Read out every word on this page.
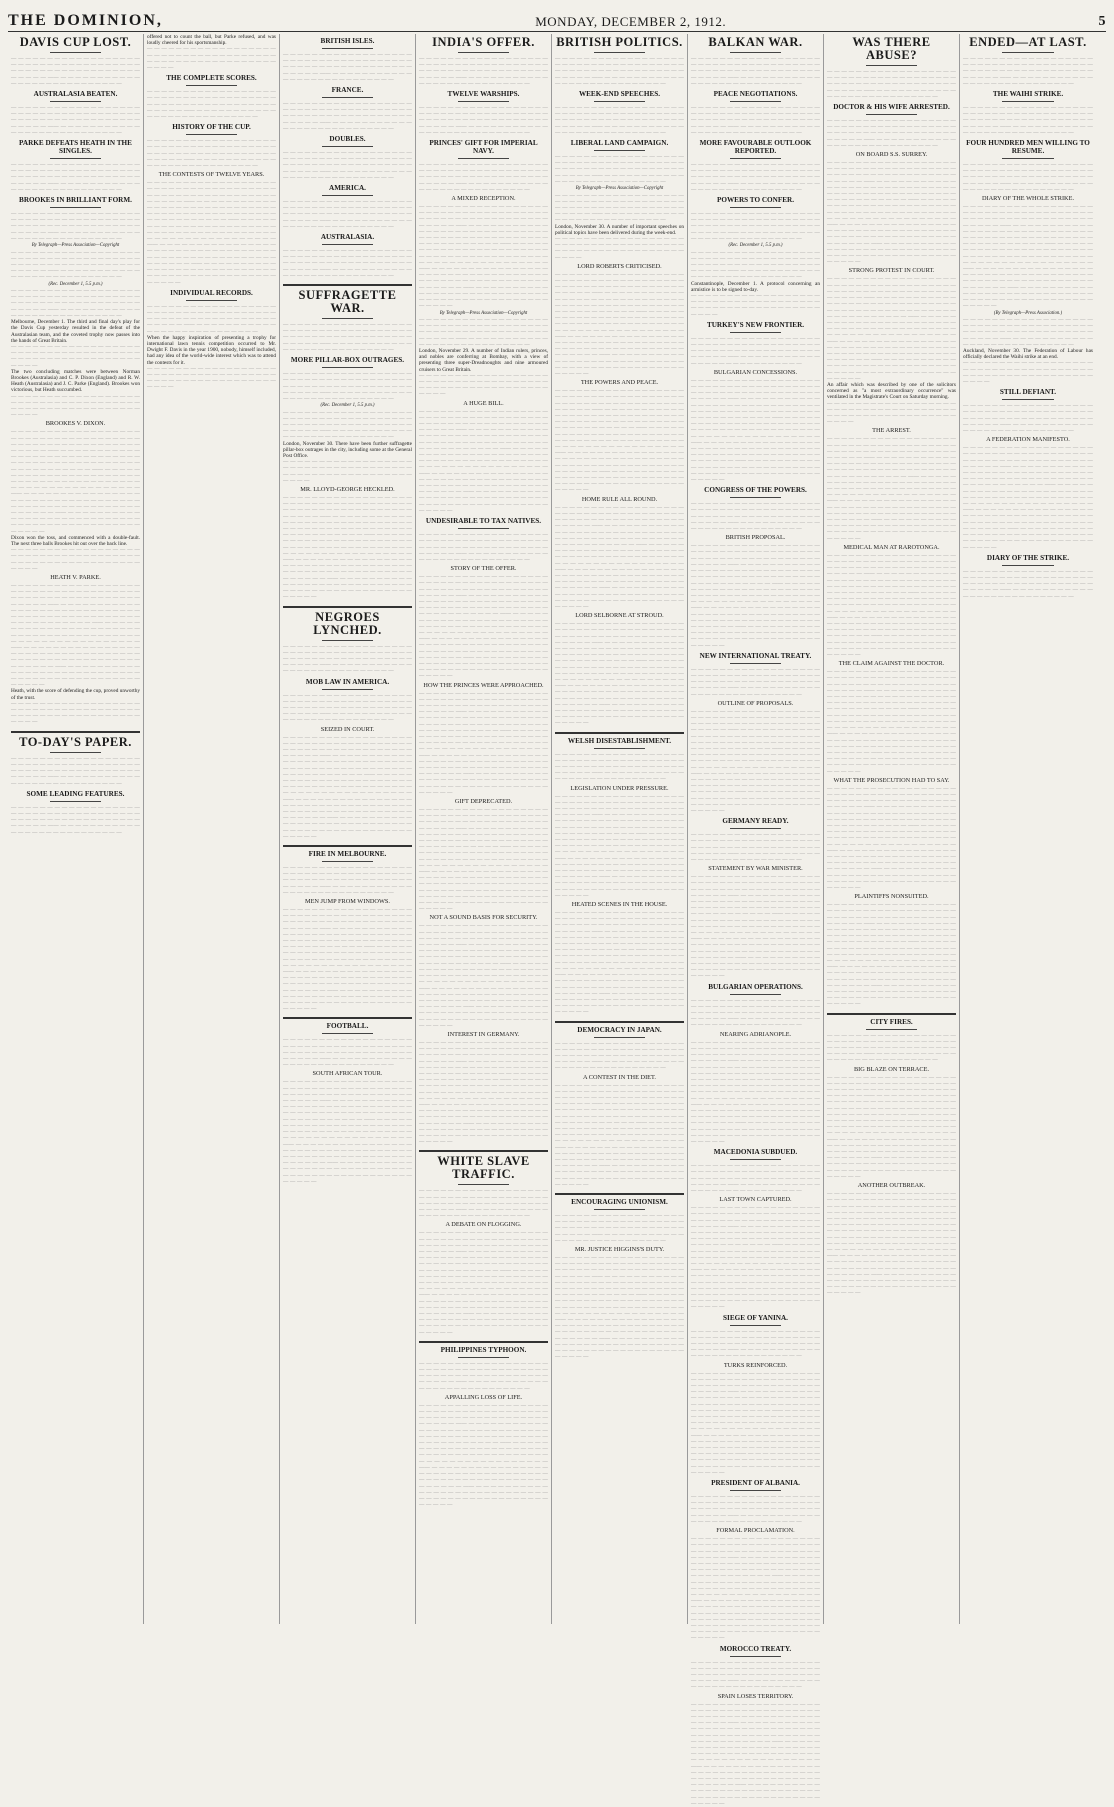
THE DOMINION,	MONDAY, DECEMBER 2, 1912.	5
DAVIS CUP LOST.
— — — — — — — — — — — — — — — — — — — — — — — — — — — — — — — — — — — — — — — — — — — — — — — — — — — — — — — — — — — —— — — — — — — — — — — — — — — — — — — — — — — — — — — —
AUSTRALASIA BEATEN.
— — — — — — — — — — — — — — — — — — — — — — — — — — — — — — — — — — — — — — — — — — — — — — — — — — — — — — — — — — — —— — — — — — — — — — — — — — — — — — — — — — — — — — — —
PARKE DEFEATS HEATH IN THE SINGLES.
— — — — — — — — — — — — — — — — — — — — — — — — — — — — — — — — — — — — — — — — — — — — — — — — — — — — — — — — — — — —— — — — — — — — — — — — — — — — — — — — — — — — — — — —
BROOKES IN BRILLIANT FORM.
— — — — — — — — — — — — — — — — — — — — — — — — — — — — — — — — — — — — — — — — — — — — — — — — — — — — — — — — — — — —— — — — — — — — — — — — — — — — — — — — — — — — — — — —
By Telegraph—Press Association—Copyright
— — — — — — — — — — — — — — — — — — — — — — — — — — — — — — — — — — — — — — — — — — — — — — — — — — — — — — — — — — — —— — — — — — — — — — — — — — — — — — — — — — — — — — — —
(Rec. December 1, 5.5 p.m.)
— — — — — — — — — — — — — — — — — — — — — — — — — — — — — — — — — — — — — — — — — — — — — — — — — — — — — — — — — — — —— — — — — — — — — — — — — — — — — — — — — — — — — — — —
Melbourne, December 1. The third and final day's play for the Davis Cup yesterday resulted in the defeat of the Australasian team, and the coveted trophy now passes into the hands of Great Britain.
— — — — — — — — — — — — — — — — — — — — — — — — — — — — — — — — — — — — — — — — — — — — — — — — — — — — — — — — — —
The two concluding matches were between Norman Brookes (Australasia) and C. P. Dixon (England) and R. W. Heath (Australasia) and J. C. Parke (England). Brookes won victorious, but Heath succumbed.
— — — — — — — — — — — — — — — — — — — — — — — — — — — — — — — — — — — — — — — — — — — — — — — — — — — — — — — — — —
BROOKES V. DIXON.
— — — — — — — — — — — — — — — — — — — — — — — — — — — — — — — — — — — — — — — — — — — — — — — — — — — — — — — — — — — —— — — — — — — — — — — — — — — — — — — — — — — — — — — — — — — — — — — — — — — — — — — — — — — — — — — — — — — — — — — —— — — — — — — — — — — — — — — — — — — — — — — — — — — — — — — — — — — — — — — — — — — — — — — — — — — — — — — — — — — —— — — — — — — — — — — — — — — — — — — — — — — — — — — — — — — — — — — — — — — — — — — — — — — — — — — — — — — — — — — —— — — — — — — — — — — — — — — — — — — — — — — — — — — — — — — — — — — — — — — — — — — — — — — — — — — —
Dixon won the toss, and commenced with a double-fault. The next three balls Brookes hit out over the back line.
— — — — — — — — — — — — — — — — — — — — — — — — — — — — — — — — — — — — — — — — — — — — — — — — — — — — — — — — — —
HEATH V. PARKE.
— — — — — — — — — — — — — — — — — — — — — — — — — — — — — — — — — — — — — — — — — — — — — — — — — — — — — — — — — — — —— — — — — — — — — — — — — — — — — — — — — — — — — — — — — — — — — — — — — — — — — — — — — — — — — — — — — — — — — — — —— — — — — — — — — — — — — — — — — — — — — — — — — — — — — — — — — — — — — — — — — — — — — — — — — — — — — — — — — — — —— — — — — — — — — — — — — — — — — — — — — — — — — — — — — — — — — — — — — — — — — — — — — — — — — — — — — — — — — — — —— — — — — — — — — — — — — — — — — — — — — — — — — — — — — — — — — — — — — — — — — — — — — — — — — — — —
Heath, with the score of defending the cup, proved unworthy of the trust.
— — — — — — — — — — — — — — — — — — — — — — — — — — — — — — — — — — — — — — — — — — — — — — — — — — — — — — — — — —
TO-DAY'S PAPER.
— — — — — — — — — — — — — — — — — — — — — — — — — — — — — — — — — — — — — — — — — — — — — — — — — — — — — — — — — — — —— — — — — — — — — — — — — — — — — — — — — — — — — — — —
SOME LEADING FEATURES.
— — — — — — — — — — — — — — — — — — — — — — — — — — — — — — — — — — — — — — — — — — — — — — — — — — — — — — — — — — — —— — — — — — — — — — — — — — — — — — — — — — — — — — — —
offered not to count the ball, but Parke refused, and was loudly cheered for his sportsmanship.
— — — — — — — — — — — — — — — — — — — — — — — — — — — — — — — — — — — — — — — — — — — — — — — — — — — — — — — — — —
THE COMPLETE SCORES.
— — — — — — — — — — — — — — — — — — — — — — — — — — — — — — — — — — — — — — — — — — — — — — — — — — — — — — — — — — — —— — — — — — — — — — — — — — — — — — — — — — — — — — — —
HISTORY OF THE CUP.
— — — — — — — — — — — — — — — — — — — — — — — — — — — — — — — — — — — — — — — — — — — — — — — — — — — — — — — — — — — —— — — — — — — — — — — — — — — — — — — — — — — — — — — —
THE CONTESTS OF TWELVE YEARS.
— — — — — — — — — — — — — — — — — — — — — — — — — — — — — — — — — — — — — — — — — — — — — — — — — — — — — — — — — — — —— — — — — — — — — — — — — — — — — — — — — — — — — — — — — — — — — — — — — — — — — — — — — — — — — — — — — — — — — — — —— — — — — — — — — — — — — — — — — — — — — — — — — — — — — — — — — — — — — — — — — — — — — — — — — — — — — — — — — — — —— — — — — — — — — — — — — — — — — — — — — — — — — — — — — — — — — — — — — — — — — — — — — — — — — — — — — — — — — — — —— — — — — — — — — — — — — — — — — — — — — — — — — — — — — — — — — — — — — — — — — — — — — — — — — — — —
INDIVIDUAL RECORDS.
— — — — — — — — — — — — — — — — — — — — — — — — — — — — — — — — — — — — — — — — — — — — — — — — — — — — — — — — — — — —— — — — — — — — — — — — — — — — — — — — — — — — — — — —
When the happy inspiration of presenting a trophy for international lawn tennis competition occurred to Mr. Dwight F. Davis in the year 1900, nobody, himself included, had any idea of the world-wide interest which was to attend the contests for it.
— — — — — — — — — — — — — — — — — — — — — — — — — — — — — — — — — — — — — — — — — — — — — — — — — — — — — — — — — —
BRITISH ISLES.
— — — — — — — — — — — — — — — — — — — — — — — — — — — — — — — — — — — — — — — — — — — — — — — — — — — — — — — — — — — —— — — — — — — — — — — — — — — — — — — — — — — — — — — —
FRANCE.
— — — — — — — — — — — — — — — — — — — — — — — — — — — — — — — — — — — — — — — — — — — — — — — — — — — — — — — — — — — —— — — — — — — — — — — — — — — — — — — — — — — — — — — —
DOUBLES.
— — — — — — — — — — — — — — — — — — — — — — — — — — — — — — — — — — — — — — — — — — — — — — — — — — — — — — — — — — — —— — — — — — — — — — — — — — — — — — — — — — — — — — — —
AMERICA.
— — — — — — — — — — — — — — — — — — — — — — — — — — — — — — — — — — — — — — — — — — — — — — — — — — — — — — — — — — — —— — — — — — — — — — — — — — — — — — — — — — — — — — — —
AUSTRALASIA.
— — — — — — — — — — — — — — — — — — — — — — — — — — — — — — — — — — — — — — — — — — — — — — — — — — — — — — — — — — — —— — — — — — — — — — — — — — — — — — — — — — — — — — — —
SUFFRAGETTE WAR.
— — — — — — — — — — — — — — — — — — — — — — — — — — — — — — — — — — — — — — — — — — — — — — — — — — — — — — — — — — — —— — — — — — — — — — — — — — — — — — — — — — — — — — — —
MORE PILLAR-BOX OUTRAGES.
— — — — — — — — — — — — — — — — — — — — — — — — — — — — — — — — — — — — — — — — — — — — — — — — — — — — — — — — — — — —— — — — — — — — — — — — — — — — — — — — — — — — — — — —
(Rec. December 1, 5.5 p.m.)
— — — — — — — — — — — — — — — — — — — — — — — — — — — — — — — — — — — — — — — — — — — — — — — — — — — — — — — — — — — —— — — — — — — — — — — — — — — — — — — — — — — — — — — —
London, November 30. There have been further suffragette pillar-box outrages in the city, including some at the General Post Office.
— — — — — — — — — — — — — — — — — — — — — — — — — — — — — — — — — — — — — — — — — — — — — — — — — — — — — — — — — —
MR. LLOYD-GEORGE HECKLED.
— — — — — — — — — — — — — — — — — — — — — — — — — — — — — — — — — — — — — — — — — — — — — — — — — — — — — — — — — — — —— — — — — — — — — — — — — — — — — — — — — — — — — — — — — — — — — — — — — — — — — — — — — — — — — — — — — — — — — — — —— — — — — — — — — — — — — — — — — — — — — — — — — — — — — — — — — — — — — — — — — — — — — — — — — — — — — — — — — — — —— — — — — — — — — — — — — — — — — — — — — — — — — — — — — — — — — — — — — — — — — — — — — — — — — — — — — — — — — — — —— — — — — — — — — — — — — — — — — — — — — — — — — — — — — — — — — — — — — — — — — — — — — — — — — — — —
NEGROES LYNCHED.
— — — — — — — — — — — — — — — — — — — — — — — — — — — — — — — — — — — — — — — — — — — — — — — — — — — — — — — — — — — —— — — — — — — — — — — — — — — — — — — — — — — — — — — —
MOB LAW IN AMERICA.
— — — — — — — — — — — — — — — — — — — — — — — — — — — — — — — — — — — — — — — — — — — — — — — — — — — — — — — — — — — —— — — — — — — — — — — — — — — — — — — — — — — — — — — —
SEIZED IN COURT.
— — — — — — — — — — — — — — — — — — — — — — — — — — — — — — — — — — — — — — — — — — — — — — — — — — — — — — — — — — — —— — — — — — — — — — — — — — — — — — — — — — — — — — — — — — — — — — — — — — — — — — — — — — — — — — — — — — — — — — — —— — — — — — — — — — — — — — — — — — — — — — — — — — — — — — — — — — — — — — — — — — — — — — — — — — — — — — — — — — — —— — — — — — — — — — — — — — — — — — — — — — — — — — — — — — — — — — — — — — — — — — — — — — — — — — — — — — — — — — — —— — — — — — — — — — — — — — — — — — — — — — — — — — — — — — — — — — — — — — — — — — — — — — — — — — — —
FIRE IN MELBOURNE.
— — — — — — — — — — — — — — — — — — — — — — — — — — — — — — — — — — — — — — — — — — — — — — — — — — — — — — — — — — — —— — — — — — — — — — — — — — — — — — — — — — — — — — — —
MEN JUMP FROM WINDOWS.
— — — — — — — — — — — — — — — — — — — — — — — — — — — — — — — — — — — — — — — — — — — — — — — — — — — — — — — — — — — —— — — — — — — — — — — — — — — — — — — — — — — — — — — — — — — — — — — — — — — — — — — — — — — — — — — — — — — — — — — —— — — — — — — — — — — — — — — — — — — — — — — — — — — — — — — — — — — — — — — — — — — — — — — — — — — — — — — — — — — —— — — — — — — — — — — — — — — — — — — — — — — — — — — — — — — — — — — — — — — — — — — — — — — — — — — — — — — — — — — —— — — — — — — — — — — — — — — — — — — — — — — — — — — — — — — — — — — — — — — — — — — — — — — — — — — —
FOOTBALL.
— — — — — — — — — — — — — — — — — — — — — — — — — — — — — — — — — — — — — — — — — — — — — — — — — — — — — — — — — — — —— — — — — — — — — — — — — — — — — — — — — — — — — — — —
SOUTH AFRICAN TOUR.
— — — — — — — — — — — — — — — — — — — — — — — — — — — — — — — — — — — — — — — — — — — — — — — — — — — — — — — — — — — —— — — — — — — — — — — — — — — — — — — — — — — — — — — — — — — — — — — — — — — — — — — — — — — — — — — — — — — — — — — —— — — — — — — — — — — — — — — — — — — — — — — — — — — — — — — — — — — — — — — — — — — — — — — — — — — — — — — — — — — —— — — — — — — — — — — — — — — — — — — — — — — — — — — — — — — — — — — — — — — — — — — — — — — — — — — — — — — — — — — —— — — — — — — — — — — — — — — — — — — — — — — — — — — — — — — — — — — — — — — — — — — — — — — — — — — —
INDIA'S OFFER.
— — — — — — — — — — — — — — — — — — — — — — — — — — — — — — — — — — — — — — — — — — — — — — — — — — — — — — — — — — — —— — — — — — — — — — — — — — — — — — — — — — — — — — — —
TWELVE WARSHIPS.
— — — — — — — — — — — — — — — — — — — — — — — — — — — — — — — — — — — — — — — — — — — — — — — — — — — — — — — — — — — —— — — — — — — — — — — — — — — — — — — — — — — — — — — —
PRINCES' GIFT FOR IMPERIAL NAVY.
— — — — — — — — — — — — — — — — — — — — — — — — — — — — — — — — — — — — — — — — — — — — — — — — — — — — — — — — — — — —— — — — — — — — — — — — — — — — — — — — — — — — — — — —
A MIXED RECEPTION.
— — — — — — — — — — — — — — — — — — — — — — — — — — — — — — — — — — — — — — — — — — — — — — — — — — — — — — — — — — — —— — — — — — — — — — — — — — — — — — — — — — — — — — — — — — — — — — — — — — — — — — — — — — — — — — — — — — — — — — — —— — — — — — — — — — — — — — — — — — — — — — — — — — — — — — — — — — — — — — — — — — — — — — — — — — — — — — — — — — — —— — — — — — — — — — — — — — — — — — — — — — — — — — — — — — — — — — — — — — — — — — — — — — — — — — — — — — — — — — — —— — — — — — — — — — — — — — — — — — — — — — — — — — — — — — — — — — — — — — — — — — — — — — — — — — — —
By Telegraph—Press Association—Copyright
— — — — — — — — — — — — — — — — — — — — — — — — — — — — — — — — — — — — — — — — — — — — — — — — — — — — — — — — — — — —— — — — — — — — — — — — — — — — — — — — — — — — — — — —
London, November 29. A number of Indian rulers, princes, and nobles are conferring at Bombay, with a view of presenting three super-Dreadnoughts and nine armoured cruisers to Great Britain.
— — — — — — — — — — — — — — — — — — — — — — — — — — — — — — — — — — — — — — — — — — — — — — — — — — — — — — — — — —
A HUGE BILL.
— — — — — — — — — — — — — — — — — — — — — — — — — — — — — — — — — — — — — — — — — — — — — — — — — — — — — — — — — — — —— — — — — — — — — — — — — — — — — — — — — — — — — — — — — — — — — — — — — — — — — — — — — — — — — — — — — — — — — — — —— — — — — — — — — — — — — — — — — — — — — — — — — — — — — — — — — — — — — — — — — — — — — — — — — — — — — — — — — — — —— — — — — — — — — — — — — — — — — — — — — — — — — — — — — — — — — — — — — — — — — — — — — — — — — — — — — — — — — — — —— — — — — — — — — — — — — — — — — — — — — — — — — — — — — — — — — — — — — — — — — — — — — — — — — — — —
UNDESIRABLE TO TAX NATIVES.
— — — — — — — — — — — — — — — — — — — — — — — — — — — — — — — — — — — — — — — — — — — — — — — — — — — — — — — — — — — —— — — — — — — — — — — — — — — — — — — — — — — — — — — —
STORY OF THE OFFER.
— — — — — — — — — — — — — — — — — — — — — — — — — — — — — — — — — — — — — — — — — — — — — — — — — — — — — — — — — — — —— — — — — — — — — — — — — — — — — — — — — — — — — — — — — — — — — — — — — — — — — — — — — — — — — — — — — — — — — — — —— — — — — — — — — — — — — — — — — — — — — — — — — — — — — — — — — — — — — — — — — — — — — — — — — — — — — — — — — — — —— — — — — — — — — — — — — — — — — — — — — — — — — — — — — — — — — — — — — — — — — — — — — — — — — — — — — — — — — — — —— — — — — — — — — — — — — — — — — — — — — — — — — — — — — — — — — — — — — — — — — — — — — — — — — — — —
HOW THE PRINCES WERE APPROACHED.
— — — — — — — — — — — — — — — — — — — — — — — — — — — — — — — — — — — — — — — — — — — — — — — — — — — — — — — — — — — —— — — — — — — — — — — — — — — — — — — — — — — — — — — — — — — — — — — — — — — — — — — — — — — — — — — — — — — — — — — —— — — — — — — — — — — — — — — — — — — — — — — — — — — — — — — — — — — — — — — — — — — — — — — — — — — — — — — — — — — —— — — — — — — — — — — — — — — — — — — — — — — — — — — — — — — — — — — — — — — — — — — — — — — — — — — — — — — — — — — —— — — — — — — — — — — — — — — — — — — — — — — — — — — — — — — — — — — — — — — — — — — — — — — — — — — —
GIFT DEPRECATED.
— — — — — — — — — — — — — — — — — — — — — — — — — — — — — — — — — — — — — — — — — — — — — — — — — — — — — — — — — — — —— — — — — — — — — — — — — — — — — — — — — — — — — — — — — — — — — — — — — — — — — — — — — — — — — — — — — — — — — — — —— — — — — — — — — — — — — — — — — — — — — — — — — — — — — — — — — — — — — — — — — — — — — — — — — — — — — — — — — — — —— — — — — — — — — — — — — — — — — — — — — — — — — — — — — — — — — — — — — — — — — — — — — — — — — — — — — — — — — — — —— — — — — — — — — — — — — — — — — — — — — — — — — — — — — — — — — — — — — — — — — — — — — — — — — — — —
NOT A SOUND BASIS FOR SECURITY.
— — — — — — — — — — — — — — — — — — — — — — — — — — — — — — — — — — — — — — — — — — — — — — — — — — — — — — — — — — — —— — — — — — — — — — — — — — — — — — — — — — — — — — — — — — — — — — — — — — — — — — — — — — — — — — — — — — — — — — — —— — — — — — — — — — — — — — — — — — — — — — — — — — — — — — — — — — — — — — — — — — — — — — — — — — — — — — — — — — — —— — — — — — — — — — — — — — — — — — — — — — — — — — — — — — — — — — — — — — — — — — — — — — — — — — — — — — — — — — — —— — — — — — — — — — — — — — — — — — — — — — — — — — — — — — — — — — — — — — — — — — — — — — — — — — — —
INTEREST IN GERMANY.
— — — — — — — — — — — — — — — — — — — — — — — — — — — — — — — — — — — — — — — — — — — — — — — — — — — — — — — — — — — —— — — — — — — — — — — — — — — — — — — — — — — — — — — — — — — — — — — — — — — — — — — — — — — — — — — — — — — — — — — —— — — — — — — — — — — — — — — — — — — — — — — — — — — — — — — — — — — — — — — — — — — — — — — — — — — — — — — — — — — —— — — — — — — — — — — — — — — — — — — — — — — — — — — — — — — — — — — — — — — — — — — — — — — — — — — — — — — — — — — —— — — — — — — — — — — — — — — — — — — — — — — — — — — — — — — — — — — — — — — — — — — — — — — — — — — —
WHITE SLAVE TRAFFIC.
— — — — — — — — — — — — — — — — — — — — — — — — — — — — — — — — — — — — — — — — — — — — — — — — — — — — — — — — — — — —— — — — — — — — — — — — — — — — — — — — — — — — — — — —
A DEBATE ON FLOGGING.
— — — — — — — — — — — — — — — — — — — — — — — — — — — — — — — — — — — — — — — — — — — — — — — — — — — — — — — — — — — —— — — — — — — — — — — — — — — — — — — — — — — — — — — — — — — — — — — — — — — — — — — — — — — — — — — — — — — — — — — —— — — — — — — — — — — — — — — — — — — — — — — — — — — — — — — — — — — — — — — — — — — — — — — — — — — — — — — — — — — —— — — — — — — — — — — — — — — — — — — — — — — — — — — — — — — — — — — — — — — — — — — — — — — — — — — — — — — — — — — —— — — — — — — — — — — — — — — — — — — — — — — — — — — — — — — — — — — — — — — — — — — — — — — — — — — —
PHILIPPINES TYPHOON.
— — — — — — — — — — — — — — — — — — — — — — — — — — — — — — — — — — — — — — — — — — — — — — — — — — — — — — — — — — — —— — — — — — — — — — — — — — — — — — — — — — — — — — — —
APPALLING LOSS OF LIFE.
— — — — — — — — — — — — — — — — — — — — — — — — — — — — — — — — — — — — — — — — — — — — — — — — — — — — — — — — — — — —— — — — — — — — — — — — — — — — — — — — — — — — — — — — — — — — — — — — — — — — — — — — — — — — — — — — — — — — — — — —— — — — — — — — — — — — — — — — — — — — — — — — — — — — — — — — — — — — — — — — — — — — — — — — — — — — — — — — — — — —— — — — — — — — — — — — — — — — — — — — — — — — — — — — — — — — — — — — — — — — — — — — — — — — — — — — — — — — — — — —— — — — — — — — — — — — — — — — — — — — — — — — — — — — — — — — — — — — — — — — — — — — — — — — — — — —
BRITISH POLITICS.
— — — — — — — — — — — — — — — — — — — — — — — — — — — — — — — — — — — — — — — — — — — — — — — — — — — — — — — — — — — —— — — — — — — — — — — — — — — — — — — — — — — — — — — —
WEEK-END SPEECHES.
— — — — — — — — — — — — — — — — — — — — — — — — — — — — — — — — — — — — — — — — — — — — — — — — — — — — — — — — — — — —— — — — — — — — — — — — — — — — — — — — — — — — — — — —
LIBERAL LAND CAMPAIGN.
— — — — — — — — — — — — — — — — — — — — — — — — — — — — — — — — — — — — — — — — — — — — — — — — — — — — — — — — — — — —— — — — — — — — — — — — — — — — — — — — — — — — — — — —
By Telegraph—Press Association—Copyright
— — — — — — — — — — — — — — — — — — — — — — — — — — — — — — — — — — — — — — — — — — — — — — — — — — — — — — — — — — — —— — — — — — — — — — — — — — — — — — — — — — — — — — — —
London, November 30. A number of important speeches on political topics have been delivered during the week-end.
— — — — — — — — — — — — — — — — — — — — — — — — — — — — — — — — — — — — — — — — — — — — — — — — — — — — — — — — — —
LORD ROBERTS CRITICISED.
— — — — — — — — — — — — — — — — — — — — — — — — — — — — — — — — — — — — — — — — — — — — — — — — — — — — — — — — — — — —— — — — — — — — — — — — — — — — — — — — — — — — — — — — — — — — — — — — — — — — — — — — — — — — — — — — — — — — — — — —— — — — — — — — — — — — — — — — — — — — — — — — — — — — — — — — — — — — — — — — — — — — — — — — — — — — — — — — — — — —— — — — — — — — — — — — — — — — — — — — — — — — — — — — — — — — — — — — — — — — — — — — — — — — — — — — — — — — — — — —— — — — — — — — — — — — — — — — — — — — — — — — — — — — — — — — — — — — — — — — — — — — — — — — — — — —
THE POWERS AND PEACE.
— — — — — — — — — — — — — — — — — — — — — — — — — — — — — — — — — — — — — — — — — — — — — — — — — — — — — — — — — — — —— — — — — — — — — — — — — — — — — — — — — — — — — — — — — — — — — — — — — — — — — — — — — — — — — — — — — — — — — — — —— — — — — — — — — — — — — — — — — — — — — — — — — — — — — — — — — — — — — — — — — — — — — — — — — — — — — — — — — — — —— — — — — — — — — — — — — — — — — — — — — — — — — — — — — — — — — — — — — — — — — — — — — — — — — — — — — — — — — — — —— — — — — — — — — — — — — — — — — — — — — — — — — — — — — — — — — — — — — — — — — — — — — — — — — — — —
HOME RULE ALL ROUND.
— — — — — — — — — — — — — — — — — — — — — — — — — — — — — — — — — — — — — — — — — — — — — — — — — — — — — — — — — — — —— — — — — — — — — — — — — — — — — — — — — — — — — — — — — — — — — — — — — — — — — — — — — — — — — — — — — — — — — — — —— — — — — — — — — — — — — — — — — — — — — — — — — — — — — — — — — — — — — — — — — — — — — — — — — — — — — — — — — — — —— — — — — — — — — — — — — — — — — — — — — — — — — — — — — — — — — — — — — — — — — — — — — — — — — — — — — — — — — — — —— — — — — — — — — — — — — — — — — — — — — — — — — — — — — — — — — — — — — — — — — — — — — — — — — — — —
LORD SELBORNE AT STROUD.
— — — — — — — — — — — — — — — — — — — — — — — — — — — — — — — — — — — — — — — — — — — — — — — — — — — — — — — — — — — —— — — — — — — — — — — — — — — — — — — — — — — — — — — — — — — — — — — — — — — — — — — — — — — — — — — — — — — — — — — —— — — — — — — — — — — — — — — — — — — — — — — — — — — — — — — — — — — — — — — — — — — — — — — — — — — — — — — — — — — —— — — — — — — — — — — — — — — — — — — — — — — — — — — — — — — — — — — — — — — — — — — — — — — — — — — — — — — — — — — —— — — — — — — — — — — — — — — — — — — — — — — — — — — — — — — — — — — — — — — — — — — — — — — — — — — —
WELSH DISESTABLISHMENT.
— — — — — — — — — — — — — — — — — — — — — — — — — — — — — — — — — — — — — — — — — — — — — — — — — — — — — — — — — — — —— — — — — — — — — — — — — — — — — — — — — — — — — — — —
LEGISLATION UNDER PRESSURE.
— — — — — — — — — — — — — — — — — — — — — — — — — — — — — — — — — — — — — — — — — — — — — — — — — — — — — — — — — — — —— — — — — — — — — — — — — — — — — — — — — — — — — — — — — — — — — — — — — — — — — — — — — — — — — — — — — — — — — — — —— — — — — — — — — — — — — — — — — — — — — — — — — — — — — — — — — — — — — — — — — — — — — — — — — — — — — — — — — — — —— — — — — — — — — — — — — — — — — — — — — — — — — — — — — — — — — — — — — — — — — — — — — — — — — — — — — — — — — — — —— — — — — — — — — — — — — — — — — — — — — — — — — — — — — — — — — — — — — — — — — — — — — — — — — — — —
HEATED SCENES IN THE HOUSE.
— — — — — — — — — — — — — — — — — — — — — — — — — — — — — — — — — — — — — — — — — — — — — — — — — — — — — — — — — — — —— — — — — — — — — — — — — — — — — — — — — — — — — — — — — — — — — — — — — — — — — — — — — — — — — — — — — — — — — — — —— — — — — — — — — — — — — — — — — — — — — — — — — — — — — — — — — — — — — — — — — — — — — — — — — — — — — — — — — — — —— — — — — — — — — — — — — — — — — — — — — — — — — — — — — — — — — — — — — — — — — — — — — — — — — — — — — — — — — — — —— — — — — — — — — — — — — — — — — — — — — — — — — — — — — — — — — — — — — — — — — — — — — — — — — — — —
DEMOCRACY IN JAPAN.
— — — — — — — — — — — — — — — — — — — — — — — — — — — — — — — — — — — — — — — — — — — — — — — — — — — — — — — — — — — —— — — — — — — — — — — — — — — — — — — — — — — — — — — —
A CONTEST IN THE DIET.
— — — — — — — — — — — — — — — — — — — — — — — — — — — — — — — — — — — — — — — — — — — — — — — — — — — — — — — — — — — —— — — — — — — — — — — — — — — — — — — — — — — — — — — — — — — — — — — — — — — — — — — — — — — — — — — — — — — — — — — —— — — — — — — — — — — — — — — — — — — — — — — — — — — — — — — — — — — — — — — — — — — — — — — — — — — — — — — — — — — —— — — — — — — — — — — — — — — — — — — — — — — — — — — — — — — — — — — — — — — — — — — — — — — — — — — — — — — — — — — —— — — — — — — — — — — — — — — — — — — — — — — — — — — — — — — — — — — — — — — — — — — — — — — — — — — —
ENCOURAGING UNIONISM.
— — — — — — — — — — — — — — — — — — — — — — — — — — — — — — — — — — — — — — — — — — — — — — — — — — — — — — — — — — — —— — — — — — — — — — — — — — — — — — — — — — — — — — — —
MR. JUSTICE HIGGINS'S DUTY.
— — — — — — — — — — — — — — — — — — — — — — — — — — — — — — — — — — — — — — — — — — — — — — — — — — — — — — — — — — — —— — — — — — — — — — — — — — — — — — — — — — — — — — — — — — — — — — — — — — — — — — — — — — — — — — — — — — — — — — — —— — — — — — — — — — — — — — — — — — — — — — — — — — — — — — — — — — — — — — — — — — — — — — — — — — — — — — — — — — — —— — — — — — — — — — — — — — — — — — — — — — — — — — — — — — — — — — — — — — — — — — — — — — — — — — — — — — — — — — — —— — — — — — — — — — — — — — — — — — — — — — — — — — — — — — — — — — — — — — — — — — — — — — — — — — — —
BALKAN WAR.
— — — — — — — — — — — — — — — — — — — — — — — — — — — — — — — — — — — — — — — — — — — — — — — — — — — — — — — — — — — —— — — — — — — — — — — — — — — — — — — — — — — — — — — —
PEACE NEGOTIATIONS.
— — — — — — — — — — — — — — — — — — — — — — — — — — — — — — — — — — — — — — — — — — — — — — — — — — — — — — — — — — — —— — — — — — — — — — — — — — — — — — — — — — — — — — — —
MORE FAVOURABLE OUTLOOK REPORTED.
— — — — — — — — — — — — — — — — — — — — — — — — — — — — — — — — — — — — — — — — — — — — — — — — — — — — — — — — — — — —— — — — — — — — — — — — — — — — — — — — — — — — — — — —
POWERS TO CONFER.
— — — — — — — — — — — — — — — — — — — — — — — — — — — — — — — — — — — — — — — — — — — — — — — — — — — — — — — — — — — —— — — — — — — — — — — — — — — — — — — — — — — — — — — —
(Rec. December 1, 5.5 p.m.)
— — — — — — — — — — — — — — — — — — — — — — — — — — — — — — — — — — — — — — — — — — — — — — — — — — — — — — — — — — — —— — — — — — — — — — — — — — — — — — — — — — — — — — — —
Constantinople, December 1. A protocol concerning an armistice is to be signed to-day.
— — — — — — — — — — — — — — — — — — — — — — — — — — — — — — — — — — — — — — — — — — — — — — — — — — — — — — — — — —
TURKEY'S NEW FRONTIER.
— — — — — — — — — — — — — — — — — — — — — — — — — — — — — — — — — — — — — — — — — — — — — — — — — — — — — — — — — — — —— — — — — — — — — — — — — — — — — — — — — — — — — — — —
BULGARIAN CONCESSIONS.
— — — — — — — — — — — — — — — — — — — — — — — — — — — — — — — — — — — — — — — — — — — — — — — — — — — — — — — — — — — —— — — — — — — — — — — — — — — — — — — — — — — — — — — — — — — — — — — — — — — — — — — — — — — — — — — — — — — — — — — —— — — — — — — — — — — — — — — — — — — — — — — — — — — — — — — — — — — — — — — — — — — — — — — — — — — — — — — — — — — —— — — — — — — — — — — — — — — — — — — — — — — — — — — — — — — — — — — — — — — — — — — — — — — — — — — — — — — — — — — —— — — — — — — — — — — — — — — — — — — — — — — — — — — — — — — — — — — — — — — — — — — — — — — — — — — —
CONGRESS OF THE POWERS.
— — — — — — — — — — — — — — — — — — — — — — — — — — — — — — — — — — — — — — — — — — — — — — — — — — — — — — — — — — — —— — — — — — — — — — — — — — — — — — — — — — — — — — — —
BRITISH PROPOSAL.
— — — — — — — — — — — — — — — — — — — — — — — — — — — — — — — — — — — — — — — — — — — — — — — — — — — — — — — — — — — —— — — — — — — — — — — — — — — — — — — — — — — — — — — — — — — — — — — — — — — — — — — — — — — — — — — — — — — — — — — —— — — — — — — — — — — — — — — — — — — — — — — — — — — — — — — — — — — — — — — — — — — — — — — — — — — — — — — — — — — —— — — — — — — — — — — — — — — — — — — — — — — — — — — — — — — — — — — — — — — — — — — — — — — — — — — — — — — — — — — —— — — — — — — — — — — — — — — — — — — — — — — — — — — — — — — — — — — — — — — — — — — — — — — — — — — —
NEW INTERNATIONAL TREATY.
— — — — — — — — — — — — — — — — — — — — — — — — — — — — — — — — — — — — — — — — — — — — — — — — — — — — — — — — — — — —— — — — — — — — — — — — — — — — — — — — — — — — — — — —
OUTLINE OF PROPOSALS.
— — — — — — — — — — — — — — — — — — — — — — — — — — — — — — — — — — — — — — — — — — — — — — — — — — — — — — — — — — — —— — — — — — — — — — — — — — — — — — — — — — — — — — — — — — — — — — — — — — — — — — — — — — — — — — — — — — — — — — — —— — — — — — — — — — — — — — — — — — — — — — — — — — — — — — — — — — — — — — — — — — — — — — — — — — — — — — — — — — — —— — — — — — — — — — — — — — — — — — — — — — — — — — — — — — — — — — — — — — — — — — — — — — — — — — — — — — — — — — — —— — — — — — — — — — — — — — — — — — — — — — — — — — — — — — — — — — — — — — — — — — — — — — — — — — — —
GERMANY READY.
— — — — — — — — — — — — — — — — — — — — — — — — — — — — — — — — — — — — — — — — — — — — — — — — — — — — — — — — — — — —— — — — — — — — — — — — — — — — — — — — — — — — — — — —
STATEMENT BY WAR MINISTER.
— — — — — — — — — — — — — — — — — — — — — — — — — — — — — — — — — — — — — — — — — — — — — — — — — — — — — — — — — — — —— — — — — — — — — — — — — — — — — — — — — — — — — — — — — — — — — — — — — — — — — — — — — — — — — — — — — — — — — — — —— — — — — — — — — — — — — — — — — — — — — — — — — — — — — — — — — — — — — — — — — — — — — — — — — — — — — — — — — — — —— — — — — — — — — — — — — — — — — — — — — — — — — — — — — — — — — — — — — — — — — — — — — — — — — — — — — — — — — — — —— — — — — — — — — — — — — — — — — — — — — — — — — — — — — — — — — — — — — — — — — — — — — — — — — — — —
BULGARIAN OPERATIONS.
— — — — — — — — — — — — — — — — — — — — — — — — — — — — — — — — — — — — — — — — — — — — — — — — — — — — — — — — — — — —— — — — — — — — — — — — — — — — — — — — — — — — — — — —
NEARING ADRIANOPLE.
— — — — — — — — — — — — — — — — — — — — — — — — — — — — — — — — — — — — — — — — — — — — — — — — — — — — — — — — — — — —— — — — — — — — — — — — — — — — — — — — — — — — — — — — — — — — — — — — — — — — — — — — — — — — — — — — — — — — — — — —— — — — — — — — — — — — — — — — — — — — — — — — — — — — — — — — — — — — — — — — — — — — — — — — — — — — — — — — — — — —— — — — — — — — — — — — — — — — — — — — — — — — — — — — — — — — — — — — — — — — — — — — — — — — — — — — — — — — — — — —— — — — — — — — — — — — — — — — — — — — — — — — — — — — — — — — — — — — — — — — — — — — — — — — — — — —
MACEDONIA SUBDUED.
— — — — — — — — — — — — — — — — — — — — — — — — — — — — — — — — — — — — — — — — — — — — — — — — — — — — — — — — — — — —— — — — — — — — — — — — — — — — — — — — — — — — — — — —
LAST TOWN CAPTURED.
— — — — — — — — — — — — — — — — — — — — — — — — — — — — — — — — — — — — — — — — — — — — — — — — — — — — — — — — — — — —— — — — — — — — — — — — — — — — — — — — — — — — — — — — — — — — — — — — — — — — — — — — — — — — — — — — — — — — — — — —— — — — — — — — — — — — — — — — — — — — — — — — — — — — — — — — — — — — — — — — — — — — — — — — — — — — — — — — — — — —— — — — — — — — — — — — — — — — — — — — — — — — — — — — — — — — — — — — — — — — — — — — — — — — — — — — — — — — — — — —— — — — — — — — — — — — — — — — — — — — — — — — — — — — — — — — — — — — — — — — — — — — — — — — — — — —
SIEGE OF YANINA.
— — — — — — — — — — — — — — — — — — — — — — — — — — — — — — — — — — — — — — — — — — — — — — — — — — — — — — — — — — — —— — — — — — — — — — — — — — — — — — — — — — — — — — — —
TURKS REINFORCED.
— — — — — — — — — — — — — — — — — — — — — — — — — — — — — — — — — — — — — — — — — — — — — — — — — — — — — — — — — — — —— — — — — — — — — — — — — — — — — — — — — — — — — — — — — — — — — — — — — — — — — — — — — — — — — — — — — — — — — — — —— — — — — — — — — — — — — — — — — — — — — — — — — — — — — — — — — — — — — — — — — — — — — — — — — — — — — — — — — — — —— — — — — — — — — — — — — — — — — — — — — — — — — — — — — — — — — — — — — — — — — — — — — — — — — — — — — — — — — — — —— — — — — — — — — — — — — — — — — — — — — — — — — — — — — — — — — — — — — — — — — — — — — — — — — — — —
PRESIDENT OF ALBANIA.
— — — — — — — — — — — — — — — — — — — — — — — — — — — — — — — — — — — — — — — — — — — — — — — — — — — — — — — — — — — —— — — — — — — — — — — — — — — — — — — — — — — — — — — —
FORMAL PROCLAMATION.
— — — — — — — — — — — — — — — — — — — — — — — — — — — — — — — — — — — — — — — — — — — — — — — — — — — — — — — — — — — —— — — — — — — — — — — — — — — — — — — — — — — — — — — — — — — — — — — — — — — — — — — — — — — — — — — — — — — — — — — —— — — — — — — — — — — — — — — — — — — — — — — — — — — — — — — — — — — — — — — — — — — — — — — — — — — — — — — — — — — —— — — — — — — — — — — — — — — — — — — — — — — — — — — — — — — — — — — — — — — — — — — — — — — — — — — — — — — — — — — —— — — — — — — — — — — — — — — — — — — — — — — — — — — — — — — — — — — — — — — — — — — — — — — — — — — —
MOROCCO TREATY.
— — — — — — — — — — — — — — — — — — — — — — — — — — — — — — — — — — — — — — — — — — — — — — — — — — — — — — — — — — — —— — — — — — — — — — — — — — — — — — — — — — — — — — — —
SPAIN LOSES TERRITORY.
— — — — — — — — — — — — — — — — — — — — — — — — — — — — — — — — — — — — — — — — — — — — — — — — — — — — — — — — — — — —— — — — — — — — — — — — — — — — — — — — — — — — — — — — — — — — — — — — — — — — — — — — — — — — — — — — — — — — — — — —— — — — — — — — — — — — — — — — — — — — — — — — — — — — — — — — — — — — — — — — — — — — — — — — — — — — — — — — — — — —— — — — — — — — — — — — — — — — — — — — — — — — — — — — — — — — — — — — — — — — — — — — — — — — — — — — — — — — — — — —— — — — — — — — — — — — — — — — — — — — — — — — — — — — — — — — — — — — — — — — — — — — — — — — — — — —
WAS THERE ABUSE?
— — — — — — — — — — — — — — — — — — — — — — — — — — — — — — — — — — — — — — — — — — — — — — — — — — — — — — — — — — — —— — — — — — — — — — — — — — — — — — — — — — — — — — — —
DOCTOR & HIS WIFE ARRESTED.
— — — — — — — — — — — — — — — — — — — — — — — — — — — — — — — — — — — — — — — — — — — — — — — — — — — — — — — — — — — —— — — — — — — — — — — — — — — — — — — — — — — — — — — —
ON BOARD S.S. SURREY.
— — — — — — — — — — — — — — — — — — — — — — — — — — — — — — — — — — — — — — — — — — — — — — — — — — — — — — — — — — — —— — — — — — — — — — — — — — — — — — — — — — — — — — — — — — — — — — — — — — — — — — — — — — — — — — — — — — — — — — — —— — — — — — — — — — — — — — — — — — — — — — — — — — — — — — — — — — — — — — — — — — — — — — — — — — — — — — — — — — — —— — — — — — — — — — — — — — — — — — — — — — — — — — — — — — — — — — — — — — — — — — — — — — — — — — — — — — — — — — — —— — — — — — — — — — — — — — — — — — — — — — — — — — — — — — — — — — — — — — — — — — — — — — — — — — — —
STRONG PROTEST IN COURT.
— — — — — — — — — — — — — — — — — — — — — — — — — — — — — — — — — — — — — — — — — — — — — — — — — — — — — — — — — — — —— — — — — — — — — — — — — — — — — — — — — — — — — — — — — — — — — — — — — — — — — — — — — — — — — — — — — — — — — — — —— — — — — — — — — — — — — — — — — — — — — — — — — — — — — — — — — — — — — — — — — — — — — — — — — — — — — — — — — — — —— — — — — — — — — — — — — — — — — — — — — — — — — — — — — — — — — — — — — — — — — — — — — — — — — — — — — — — — — — — —— — — — — — — — — — — — — — — — — — — — — — — — — — — — — — — — — — — — — — — — — — — — — — — — — — — —
An affair which was described by one of the solicitors concerned as "a most extraordinary occurrence" was ventilated in the Magistrate's Court on Saturday morning.
— — — — — — — — — — — — — — — — — — — — — — — — — — — — — — — — — — — — — — — — — — — — — — — — — — — — — — — — — —
THE ARREST.
— — — — — — — — — — — — — — — — — — — — — — — — — — — — — — — — — — — — — — — — — — — — — — — — — — — — — — — — — — — —— — — — — — — — — — — — — — — — — — — — — — — — — — — — — — — — — — — — — — — — — — — — — — — — — — — — — — — — — — — —— — — — — — — — — — — — — — — — — — — — — — — — — — — — — — — — — — — — — — — — — — — — — — — — — — — — — — — — — — — —— — — — — — — — — — — — — — — — — — — — — — — — — — — — — — — — — — — — — — — — — — — — — — — — — — — — — — — — — — — —— — — — — — — — — — — — — — — — — — — — — — — — — — — — — — — — — — — — — — — — — — — — — — — — — — — —
MEDICAL MAN AT RAROTONGA.
— — — — — — — — — — — — — — — — — — — — — — — — — — — — — — — — — — — — — — — — — — — — — — — — — — — — — — — — — — — —— — — — — — — — — — — — — — — — — — — — — — — — — — — — — — — — — — — — — — — — — — — — — — — — — — — — — — — — — — — —— — — — — — — — — — — — — — — — — — — — — — — — — — — — — — — — — — — — — — — — — — — — — — — — — — — — — — — — — — — —— — — — — — — — — — — — — — — — — — — — — — — — — — — — — — — — — — — — — — — — — — — — — — — — — — — — — — — — — — — —— — — — — — — — — — — — — — — — — — — — — — — — — — — — — — — — — — — — — — — — — — — — — — — — — — — —
THE CLAIM AGAINST THE DOCTOR.
— — — — — — — — — — — — — — — — — — — — — — — — — — — — — — — — — — — — — — — — — — — — — — — — — — — — — — — — — — — —— — — — — — — — — — — — — — — — — — — — — — — — — — — — — — — — — — — — — — — — — — — — — — — — — — — — — — — — — — — —— — — — — — — — — — — — — — — — — — — — — — — — — — — — — — — — — — — — — — — — — — — — — — — — — — — — — — — — — — — —— — — — — — — — — — — — — — — — — — — — — — — — — — — — — — — — — — — — — — — — — — — — — — — — — — — — — — — — — — — —— — — — — — — — — — — — — — — — — — — — — — — — — — — — — — — — — — — — — — — — — — — — — — — — — — — —
WHAT THE PROSECUTION HAD TO SAY.
— — — — — — — — — — — — — — — — — — — — — — — — — — — — — — — — — — — — — — — — — — — — — — — — — — — — — — — — — — — —— — — — — — — — — — — — — — — — — — — — — — — — — — — — — — — — — — — — — — — — — — — — — — — — — — — — — — — — — — — —— — — — — — — — — — — — — — — — — — — — — — — — — — — — — — — — — — — — — — — — — — — — — — — — — — — — — — — — — — — —— — — — — — — — — — — — — — — — — — — — — — — — — — — — — — — — — — — — — — — — — — — — — — — — — — — — — — — — — — — —— — — — — — — — — — — — — — — — — — — — — — — — — — — — — — — — — — — — — — — — — — — — — — — — — — — —
PLAINTIFFS NONSUITED.
— — — — — — — — — — — — — — — — — — — — — — — — — — — — — — — — — — — — — — — — — — — — — — — — — — — — — — — — — — — —— — — — — — — — — — — — — — — — — — — — — — — — — — — — — — — — — — — — — — — — — — — — — — — — — — — — — — — — — — — —— — — — — — — — — — — — — — — — — — — — — — — — — — — — — — — — — — — — — — — — — — — — — — — — — — — — — — — — — — — —— — — — — — — — — — — — — — — — — — — — — — — — — — — — — — — — — — — — — — — — — — — — — — — — — — — — — — — — — — — —— — — — — — — — — — — — — — — — — — — — — — — — — — — — — — — — — — — — — — — — — — — — — — — — — — — —
CITY FIRES.
— — — — — — — — — — — — — — — — — — — — — — — — — — — — — — — — — — — — — — — — — — — — — — — — — — — — — — — — — — — —— — — — — — — — — — — — — — — — — — — — — — — — — — — —
BIG BLAZE ON TERRACE.
— — — — — — — — — — — — — — — — — — — — — — — — — — — — — — — — — — — — — — — — — — — — — — — — — — — — — — — — — — — —— — — — — — — — — — — — — — — — — — — — — — — — — — — — — — — — — — — — — — — — — — — — — — — — — — — — — — — — — — — —— — — — — — — — — — — — — — — — — — — — — — — — — — — — — — — — — — — — — — — — — — — — — — — — — — — — — — — — — — — —— — — — — — — — — — — — — — — — — — — — — — — — — — — — — — — — — — — — — — — — — — — — — — — — — — — — — — — — — — — —— — — — — — — — — — — — — — — — — — — — — — — — — — — — — — — — — — — — — — — — — — — — — — — — — — — —
ANOTHER OUTBREAK.
— — — — — — — — — — — — — — — — — — — — — — — — — — — — — — — — — — — — — — — — — — — — — — — — — — — — — — — — — — — —— — — — — — — — — — — — — — — — — — — — — — — — — — — — — — — — — — — — — — — — — — — — — — — — — — — — — — — — — — — —— — — — — — — — — — — — — — — — — — — — — — — — — — — — — — — — — — — — — — — — — — — — — — — — — — — — — — — — — — — —— — — — — — — — — — — — — — — — — — — — — — — — — — — — — — — — — — — — — — — — — — — — — — — — — — — — — — — — — — — —— — — — — — — — — — — — — — — — — — — — — — — — — — — — — — — — — — — — — — — — — — — — — — — — — — — —
ENDED—AT LAST.
— — — — — — — — — — — — — — — — — — — — — — — — — — — — — — — — — — — — — — — — — — — — — — — — — — — — — — — — — — — —— — — — — — — — — — — — — — — — — — — — — — — — — — — —
THE WAIHI STRIKE.
— — — — — — — — — — — — — — — — — — — — — — — — — — — — — — — — — — — — — — — — — — — — — — — — — — — — — — — — — — — —— — — — — — — — — — — — — — — — — — — — — — — — — — — —
FOUR HUNDRED MEN WILLING TO RESUME.
— — — — — — — — — — — — — — — — — — — — — — — — — — — — — — — — — — — — — — — — — — — — — — — — — — — — — — — — — — — —— — — — — — — — — — — — — — — — — — — — — — — — — — — —
DIARY OF THE WHOLE STRIKE.
— — — — — — — — — — — — — — — — — — — — — — — — — — — — — — — — — — — — — — — — — — — — — — — — — — — — — — — — — — — —— — — — — — — — — — — — — — — — — — — — — — — — — — — — — — — — — — — — — — — — — — — — — — — — — — — — — — — — — — — —— — — — — — — — — — — — — — — — — — — — — — — — — — — — — — — — — — — — — — — — — — — — — — — — — — — — — — — — — — — —— — — — — — — — — — — — — — — — — — — — — — — — — — — — — — — — — — — — — — — — — — — — — — — — — — — — — — — — — — — —— — — — — — — — — — — — — — — — — — — — — — — — — — — — — — — — — — — — — — — — — — — — — — — — — — — —
(By Telegraph—Press Association.)
— — — — — — — — — — — — — — — — — — — — — — — — — — — — — — — — — — — — — — — — — — — — — — — — — — — — — — — — — — — —— — — — — — — — — — — — — — — — — — — — — — — — — — — —
Auckland, November 30. The Federation of Labour has officially declared the Waihi strike at an end.
— — — — — — — — — — — — — — — — — — — — — — — — — — — — — — — — — — — — — — — — — — — — — — — — — — — — — — — — — —
STILL DEFIANT.
— — — — — — — — — — — — — — — — — — — — — — — — — — — — — — — — — — — — — — — — — — — — — — — — — — — — — — — — — — — —— — — — — — — — — — — — — — — — — — — — — — — — — — — —
A FEDERATION MANIFESTO.
— — — — — — — — — — — — — — — — — — — — — — — — — — — — — — — — — — — — — — — — — — — — — — — — — — — — — — — — — — — —— — — — — — — — — — — — — — — — — — — — — — — — — — — — — — — — — — — — — — — — — — — — — — — — — — — — — — — — — — — —— — — — — — — — — — — — — — — — — — — — — — — — — — — — — — — — — — — — — — — — — — — — — — — — — — — — — — — — — — — —— — — — — — — — — — — — — — — — — — — — — — — — — — — — — — — — — — — — — — — — — — — — — — — — — — — — — — — — — — — —— — — — — — — — — — — — — — — — — — — — — — — — — — — — — — — — — — — — — — — — — — — — — — — — — — — —
DIARY OF THE STRIKE.
— — — — — — — — — — — — — — — — — — — — — — — — — — — — — — — — — — — — — — — — — — — — — — — — — — — — — — — — — — — —— — — — — — — — — — — — — — — — — — — — — — — — — — — —
